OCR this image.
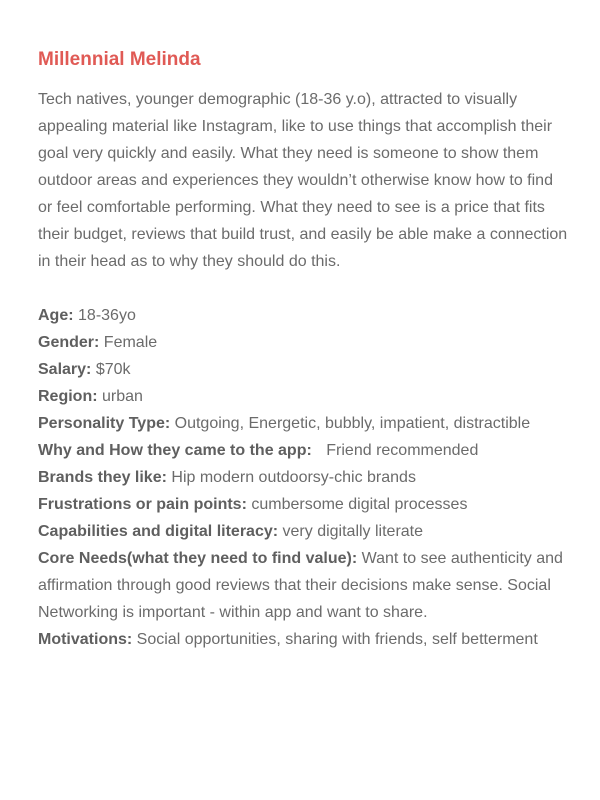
Millennial Melinda

Tech natives, younger demographic (18-36 y.o), attracted to visually appealing material like Instagram, like to use things that accomplish their goal very quickly and easily. What they need is someone to show them outdoor areas and experiences they wouldn’t otherwise know how to find or feel comfortable performing. What they need to see is a price that fits their budget, reviews that build trust, and easily be able make a connection in their head as to why they should do this.

Age: 18-36yo
Gender: Female
Salary: $70k
Region: urban
Personality Type: Outgoing, Energetic, bubbly, impatient, distractible
Why and How they came to the app: Friend recommended
Brands they like: Hip modern outdoorsy-chic brands
Frustrations or pain points: cumbersome digital processes
Capabilities and digital literacy: very digitally literate
Core Needs(what they need to find value): Want to see authenticity and affirmation through good reviews that their decisions make sense. Social Networking is important - within app and want to share.
Motivations: Social opportunities, sharing with friends, self betterment
